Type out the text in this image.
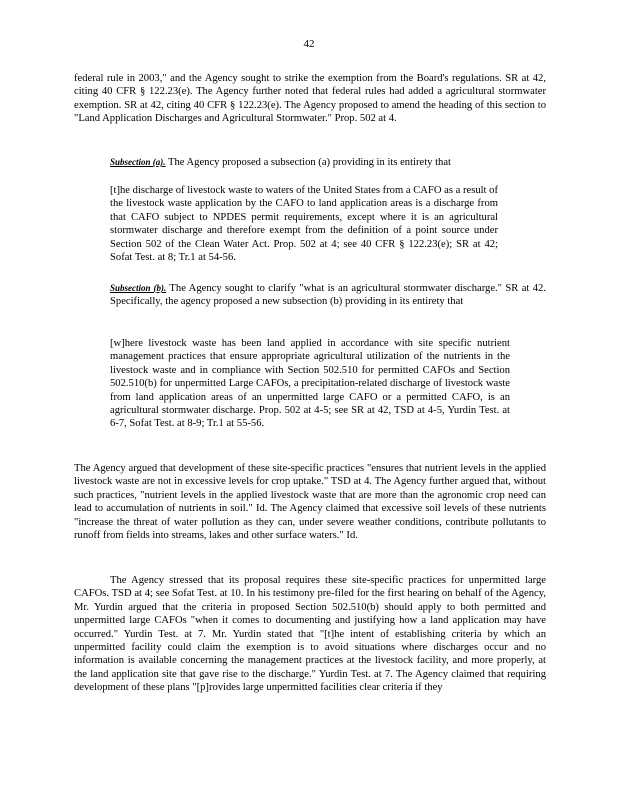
42
federal rule in 2003," and the Agency sought to strike the exemption from the Board's regulations. SR at 42, citing 40 CFR § 122.23(e). The Agency further noted that federal rules had added a agricultural stormwater exemption. SR at 42, citing 40 CFR § 122.23(e). The Agency proposed to amend the heading of this section to "Land Application Discharges and Agricultural Stormwater." Prop. 502 at 4.
Subsection (a). The Agency proposed a subsection (a) providing in its entirety that
[t]he discharge of livestock waste to waters of the United States from a CAFO as a result of the livestock waste application by the CAFO to land application areas is a discharge from that CAFO subject to NPDES permit requirements, except where it is an agricultural stormwater discharge and therefore exempt from the definition of a point source under Section 502 of the Clean Water Act. Prop. 502 at 4; see 40 CFR § 122.23(e); SR at 42; Sofat Test. at 8; Tr.1 at 54-56.
Subsection (b). The Agency sought to clarify "what is an agricultural stormwater discharge." SR at 42. Specifically, the agency proposed a new subsection (b) providing in its entirety that
[w]here livestock waste has been land applied in accordance with site specific nutrient management practices that ensure appropriate agricultural utilization of the nutrients in the livestock waste and in compliance with Section 502.510 for permitted CAFOs and Section 502.510(b) for unpermitted Large CAFOs, a precipitation-related discharge of livestock waste from land application areas of an unpermitted large CAFO or a permitted CAFO, is an agricultural stormwater discharge. Prop. 502 at 4-5; see SR at 42, TSD at 4-5, Yurdin Test. at 6-7, Sofat Test. at 8-9; Tr.1 at 55-56.
The Agency argued that development of these site-specific practices "ensures that nutrient levels in the applied livestock waste are not in excessive levels for crop uptake." TSD at 4. The Agency further argued that, without such practices, "nutrient levels in the applied livestock waste that are more than the agronomic crop need can lead to accumulation of nutrients in soil." Id. The Agency claimed that excessive soil levels of these nutrients "increase the threat of water pollution as they can, under severe weather conditions, contribute pollutants to runoff from fields into streams, lakes and other surface waters." Id.
The Agency stressed that its proposal requires these site-specific practices for unpermitted large CAFOs. TSD at 4; see Sofat Test. at 10. In his testimony pre-filed for the first hearing on behalf of the Agency, Mr. Yurdin argued that the criteria in proposed Section 502.510(b) should apply to both permitted and unpermitted large CAFOs "when it comes to documenting and justifying how a land application may have occurred." Yurdin Test. at 7. Mr. Yurdin stated that "[t]he intent of establishing criteria by which an unpermitted facility could claim the exemption is to avoid situations where discharges occur and no information is available concerning the management practices at the livestock facility, and more properly, at the land application site that gave rise to the discharge." Yurdin Test. at 7. The Agency claimed that requiring development of these plans "[p]rovides large unpermitted facilities clear criteria if they
